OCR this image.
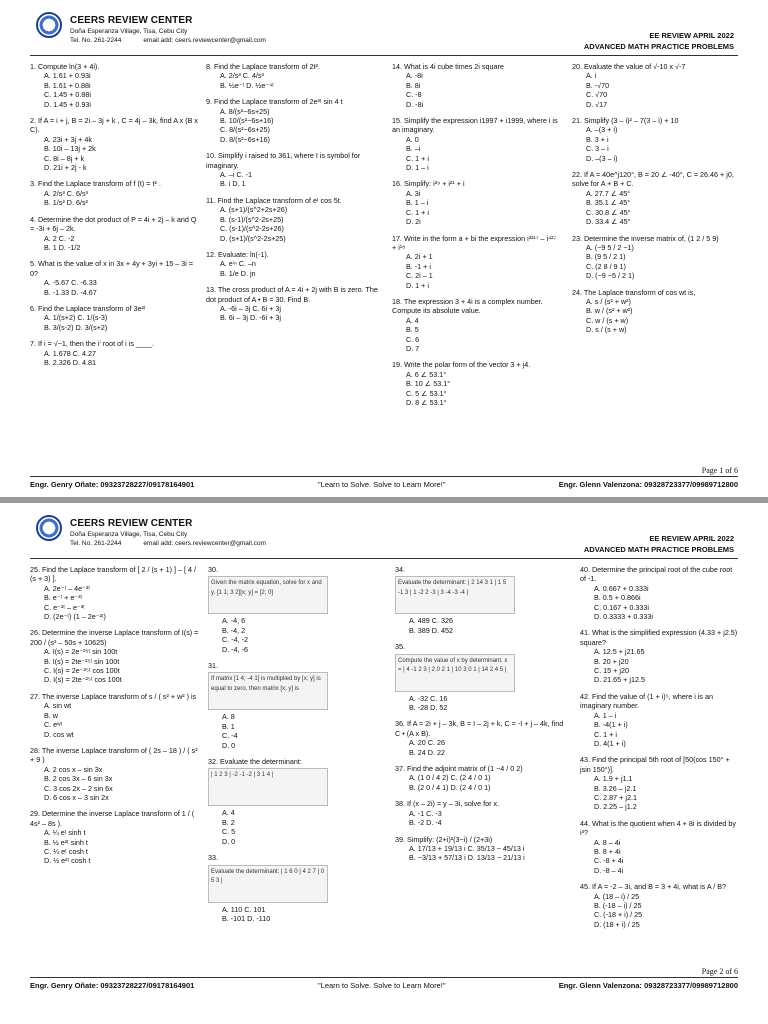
CEERS REVIEW CENTER
Doña Esperanza Village, Tisa, Cebu City
Tel. No. 261-2244	email add: ceers.reviewcenter@gmail.com
EE REVIEW APRIL 2022
ADVANCED MATH PRACTICE PROBLEMS
1. Compute ln(3 + 4i).
A. 1.61 + 0.93i
B. 1.61 + 0.88i
C. 1.45 + 0.88i
D. 1.45 + 0.93i
2. If A = i + j, B = 2i – 3j + k , C = 4j – 3k, find A x (B x C).
A. 23i + 3j + 4k
B. 10i – 13j + 2k
C. 8i – 8j + k
D. 21i + 2j - k
3. Find the Laplace transform of f (t) = t² .
A. 2/s³ C. 6/s³
B. 1/s² D. 6/s²
4. Determine the dot product of P = 4i + 2j – k and Q = -3i + 6j – 2k.
A. 2 C. -2
B. 1 D. -1/2
5. What is the value of x in 3x + 4y + 3yi + 15 – 3i = 0?
A. -5.67 C. -6.33
B. -1.33 D. -4.67
6. Find the Laplace transform of 3e²ᵗ
A. 1/(s+2) C. 1/(s-3)
B. 3/(s-2) D. 3/(s+2)
7. If i = √−1, then the iⁱ root of i is ____.
A. 1.678 C. 4.27
B. 2.326 D. 4.81
8. Find the Laplace transform of 2t².
A. 2/s³ C. 4/s³
B. ½e⁻ᵗ D. ½e⁻⁴ᵗ
9. Find the Laplace transform of 2e³ᵗ sin 4 t
A. 8/(s²−6s+25)
B. 10/(s²−6s+16)
C. 8/(s²−6s+25)
D. 8/(s²−6s+16)
10. Simplify i raised to 361, where I is symbol for imaginary.
A. –i C. -1
B. i D. 1
11. Find the Laplace transform of eᵗ cos 5t.
A. (s+1)/(s^2+2s+26)
B. (s-1)/(s^2-2s+25)
C. (s-1)/(s^2-2s+26)
D. (s+1)/(s^2-2s+25)
12. Evaluate: ln(-1).
A. eⁱⁿ C. –n
B. 1/e D. jn
13. The cross product of A = 4i + 2j with B is zero. The dot product of A • B = 30. Find B.
A. -6i – 3j C. 6i + 3j
B. 6i – 3j D. -6i + 3j
14. What is 4i cube times 2i square
A. -8i
B. 8i
C. -8
D. -8i
15. Simplify the expression i1997 + i1999, where i is an imaginary.
A. 0
B. –i
C. 1 + i
D. 1 – i
16. Simplify: i²⁹ + i²¹ + i
A. 3i
B. 1 – i
C. 1 + i
D. 2i
17. Write in the form a + bi the expression i³²¹⁷ – i⁴²⁷ + i¹⁸
A. 2i + 1
B. -1 + i
C. 2i – 1
D. 1 + i
18. The expression 3 + 4i is a complex number. Compute its absolute value.
A. 4
B. 5
C. 6
D. 7
19. Write the polar form of the vector 3 + j4.
A. 6 ∠ 53.1°
B. 10 ∠ 53.1°
C. 5 ∠ 53.1°
D. 8 ∠ 53.1°
20. Evaluate the value of √-10 x √-7
A. i
B. -√70
C. √70
D. √17
21. Simplify (3 – i)² – 7(3 – i) + 10
A. –(3 + i)
B. 3 + i
C. 3 – i
D. –(3 – i)
22. If A = 40e^j120°, B = 20 ∠ -40°, C = 26.46 + j0, solve for A + B + C.
A. 27.7 ∠ 45°
B. 35.1 ∠ 45°
C. 30.8 ∠ 45°
D. 33.4 ∠ 45°
23. Determine the inverse matrix of, (1 2 / 5 9)
A. (−9 5 / 2 −1)
B. (9 5 / 2 1)
C. (2 8 / 9 1)
D. (−9 −5 / 2 1)
24. The Laplace transform of cos wt is,
A. s / (s² + w²)
B. w / (s² + w²)
C. w / (s + w)
D. s / (s + w)
Page 1 of 6
Engr. Genry Oñate: 09323728227/09178164901	"Learn to Solve. Solve to Learn More!"	Engr. Glenn Valenzona: 09328723377/09989712800
CEERS REVIEW CENTER
Doña Esperanza Village, Tisa, Cebu City
Tel. No. 261-2244	email add: ceers.reviewcenter@gmail.com
EE REVIEW APRIL 2022
ADVANCED MATH PRACTICE PROBLEMS
25. Find the Laplace transform of [ 2 / (s + 1) ] – [ 4 / (s + 3) ].
A. 2e⁻ᵗ – 4e⁻³ᵗ
B. e⁻ᵗ + e⁻³ᵗ
C. e⁻²ᵗ – e⁻³ᵗ
D. (2e⁻ᵗ) (1 – 2e⁻²ᵗ)
26. Determine the inverse Laplace transform of I(s) = 200 / (s² – 50s + 10625)
A. I(s) = 2e⁻²⁵ᵗ sin 100t
B. I(s) = 2te⁻²⁵ᵗ sin 100t
C. I(s) = 2e⁻²⁵ᵗ cos 100t
D. I(s) = 2te⁻²⁵ᵗ cos 100t
27. The inverse Laplace transform of s / ( s² + w² ) is
A. sin wt
B. w
C. eʷᵗ
D. cos wt
28. The inverse Laplace transform of ( 2s – 18 ) / ( s² + 9 )
A. 2 cos x – sin 3x
B. 2 cos 3x – 6 sin 3x
C. 3 cos 2x – 2 sin 6x
D. 6 cos x – 3 sin 2x
29. Determine the inverse Laplace transform of 1 / ( 4s² – 8s ).
A. ¼ eᵗ sinh t
B. ½ e²ᵗ sinh t
C. ¼ eᵗ cosh t
D. ½ e²ᵗ cosh t
30.
Given the matrix equation, solve for x and y. [1 1; 3 2][x; y] = [2; 0]
A. -4, 6
B. -4, 2
C. -4, -2
D. -4, -6
31.
If matrix [1 4; -4 1] is multiplied by [x; y] is equal to zero, then matrix [x; y] is
A. 8
B. 1
C. -4
D. 0
32. Evaluate the determinant:
| 1 2 3 | -2 -1 -2 | 3 1 4 |
A. 4
B. 2
C. 5
D. 0
33.
Evaluate the determinant: | 1 6 0 | 4 2 7 | 0 5 3 |
A. 110 C. 101
B. -101 D. -110
34.
Evaluate the determinant: | 2 14 3 1 | 1 5 -1 3 | 1 -2 2 -3 | 3 -4 -3 -4 |
A. 489 C. 326
B. 389 D. 452
35.
Compute the value of x by determinant. x = | 4 -1 2 3 | 2 0 2 1 | 10 3 0 1 | 14 2 4 5 |
A. -32 C. 16
B. -28 D. 52
36. If A = 2i + j – 3k, B = I – 2j + k, C = -I + j – 4k, find C • (A x B).
A. 20 C. 26
B. 24 D. 22
37. Find the adjoint matrix of (1 −4 / 0 2)
A. (1 0 / 4 2) C. (2 4 / 0 1)
B. (2 0 / 4 1) D. (2 4 / 0 1)
38. If (x – 2i) = y – 3i, solve for x.
A. -1 C. -3
B. -2 D. -4
39. Simplify: (2+i)²(3−i) / (2+3i)
A. 17/13 + 19/13 i C. 35/13 − 45/13 i
B. −3/13 + 57/13 i D. 13/13 − 21/13 i
40. Determine the principal root of the cube root of -1.
A. 0.667 + 0.333i
B. 0.5 + 0.866i
C. 0.167 + 0.333i
D. 0.3333 + 0.333i
41. What is the simplified expression (4.33 + j2.5) square?
A. 12.5 + j21.65
B. 20 + j20
C. 15 + j20
D. 21.65 + j12.5
42. Find the value of (1 + i)⁵, where i is an imaginary number.
A. 1 – i
B. -4(1 + i)
C. 1 + i
D. 4(1 + i)
43. Find the principal 5th root of [50(cos 150° + jsin 150°)].
A. 1.9 + j1.1
B. 3.26 – j2.1
C. 2.87 + j2.1
D. 2.25 – j1.2
44. What is the quotient when 4 + 8i is divided by i³?
A. 8 – 4i
B. 8 + 4i
C. -8 + 4i
D. -8 – 4i
45. If A = -2 – 3i, and B = 3 + 4i, what is A / B?
A. (18 – i) / 25
B. (-18 – i) / 25
C. (-18 + i) / 25
D. (18 + i) / 25
Page 2 of 6
Engr. Genry Oñate: 09323728227/09178164901	"Learn to Solve. Solve to Learn More!"	Engr. Glenn Valenzona: 09328723377/09989712800
